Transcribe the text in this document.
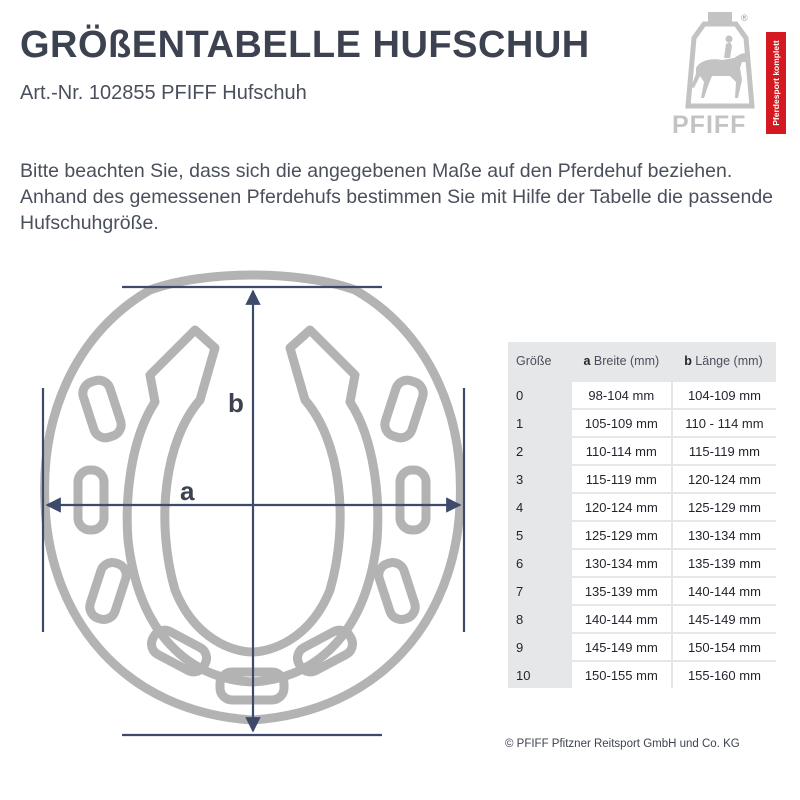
GRÖßENTABELLE HUFSCHUH

Art.-Nr. 102855 PFIFF Hufschuh

Bitte beachten Sie, dass sich die angegebenen Maße auf den Pferdehuf beziehen. Anhand des gemessenen Pferdehufs bestimmen Sie mit Hilfe der Tabelle die passende Hufschuhgröße.

PFIFF
®
Pferdesport komplett
b
a
Größe	a Breite (mm)	b Länge (mm)
0	98-104 mm	104-109 mm
1	105-109 mm	110 - 114 mm
2	110-114 mm	115-119 mm
3	115-119 mm	120-124 mm
4	120-124 mm	125-129 mm
5	125-129 mm	130-134 mm
6	130-134 mm	135-139 mm
7	135-139 mm	140-144 mm
8	140-144 mm	145-149 mm
9	145-149 mm	150-154 mm
10	150-155 mm	155-160 mm
© PFIFF Pfitzner Reitsport GmbH und Co. KG
